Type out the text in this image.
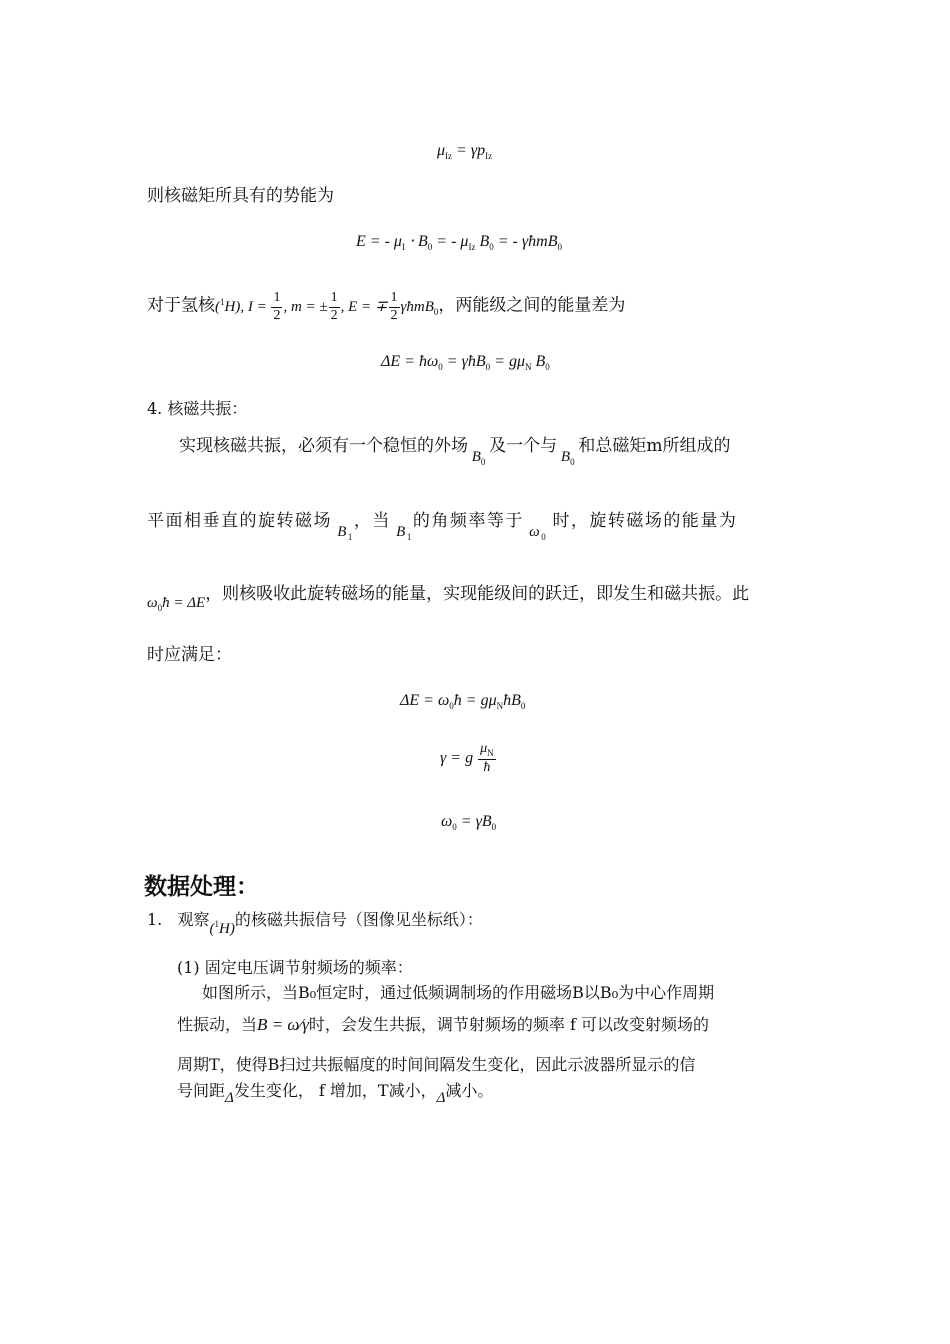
$\mu_{Iz} = \gamma p_{Iz}$
则核磁矩所具有的势能为
E = - $\mu_I \cdot B_0$ = - $\mu_{Iz}$ $B_0$ = - γħmB$_0$
对于氢核($^1$H), $I = \frac{1}{2}$ , m = ± $\frac{1}{2}$ , E = ∓ $\frac{1}{2}$ γħmB$_0$，两能级之间的能量差为
$\Delta E = ħ\omega_0$ = γħB$_0$ = $g\mu_N$ $B_0$
4. 核磁共振：
实现核磁共振，必须有一个稳恒的外场 $B_0$ 及一个与 $B_0$ 和总磁矩m所组成的
平面相垂直的旋转磁场 $B_1$，当 $B_1$的角频率等于 $\omega_0$ 时，旋转磁场的能量为
$\omega_0ħ = \Delta E$，则核吸收此旋转磁场的能量，实现能级间的跃迁，即发生和磁共振。此
时应满足：
$\Delta E = \omega_0ħ$ = $g\mu_NħB_0$
γ = g $\frac{\mu_N}{ħ}$
$\omega_0 = \gamma B_0$
数据处理：
1. 观察($^1$H)的核磁共振信号（图像见坐标纸）：
(1) 固定电压调节射频场的频率：
如图所示，当B₀恒定时，通过低频调制场的作用磁场B以B₀为中心作周期
性振动，当B = ω⁄γ时，会发生共振，调节射频场的频率 f 可以改变射频场的
周期T，使得B扫过共振幅度的时间间隔发生变化，因此示波器所显示的信
号间距Δ发生变化， f 增加，T减小，Δ减小。
